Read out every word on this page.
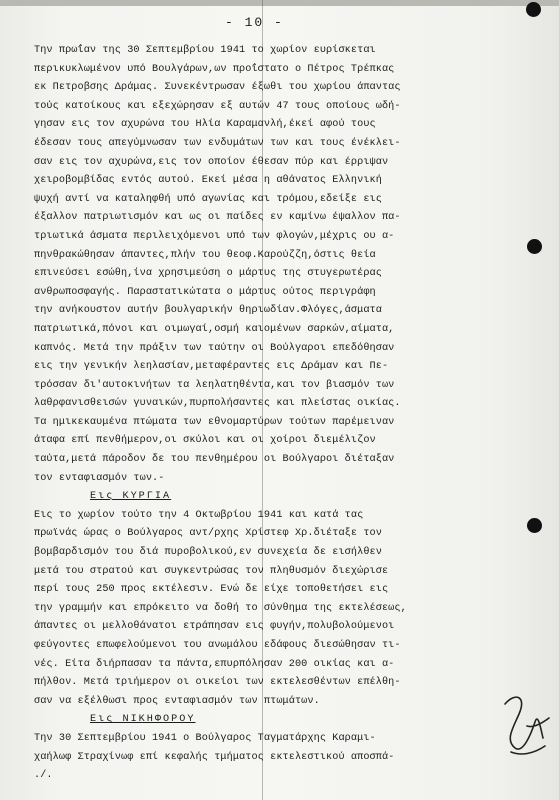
- 10 -
Την πρωΐαν της 30 Σεπτεμβρίου 1941 το χωρίον ευρίσκεται
περικυκλωμένον υπό Βουλγάρων,ων προΐστατο ο Πέτρος Τρέπκας
εκ Πετροβσης Δράμας. Συνεκέντρωσαν έξωθι του χωρίου άπαντας
τούς κατοίκους και εξεχώρησαν εξ αυτών 47 τους οποίους ωδή-
γησαν εις τον αχυρώνα του Ηλία Καραμανλή,έκεί αφού τους
έδεσαν τους απεγύμνωσαν των ενδυμάτων των και τους ένέκλει-
σαν εις τον αχυρώνα,εις τον οποίον έθεσαν πύρ και έρριψαν
χειροβομβίδας εντός αυτού. Εκεί μέσα η αθάνατος Ελληνική
ψυχή αντί να καταληφθή υπό αγωνίας και τρόμου,εδείξε εις
έξαλλον πατριωτισμόν και ως οι παίδες εν καμίνω έψαλλον πα-
τριωτικά άσματα περιλειχόμενοι υπό των φλογών,μέχρις ου α-
πηνθρακώθησαν άπαντες,πλήν του θεοφ.Καρούζζη,όστις θεία
επινεύσει εσώθη,ίνα χρησιμεύση ο μάρτυς της στυγερωτέρας
ανθρωποσφαγής. Παραστατικώτατα ο μάρτυς ούτος περιγράφη
την ανήκουστον αυτήν βουλγαρικήν θηριωδίαν.Φλόγες,άσματα
πατριωτικά,πόνοι και οιμωγαί,οσμή καιομένων σαρκών,αίματα,
καπνός. Μετά την πράξιν των ταύτην οι Βούλγαροι επεδόθησαν
εις την γενικήν λεηλασίαν,μεταφέραντες εις Δράμαν και Πε-
τρόσσαν δι'αυτοκινήτων τα λεηλατηθέντα,και τον βιασμόν των
λαθρφανισθεισών γυναικών,πυρπολήσαντες και πλείστας οικίας.
Τα ημικεκαυμένα πτώματα των εθνομαρτύρων τούτων παρέμειναν
άταφα επί πενθήμερον,οι σκύλοι και οι χοίροι διεμέλιζον
ταύτα,μετά πάροδον δε του πενθημέρου οι Βούλγαροι διέταξαν
τον ενταφιασμόν των.-
Εις ΚΥΡΓΙΑ
Εις το χωρίον τούτο την 4 Οκτωβρίου 1941 και κατά τας
πρωϊνάς ώρας ο Βούλγαρος αντ/ρχης Χρίστεφ Χρ.διέταξε τον
βομβαρδισμόν του διά πυροβολικού,εν συνεχεία δε εισήλθεν
μετά του στρατού και συγκεντρώσας τον πληθυσμόν διεχώρισε
περί τους 250 προς εκτέλεσιν. Ενώ δε είχε τοποθετήσει εις
την γραμμήν και επρόκειτο να δοθή το σύνθημα της εκτελέσεως,
άπαντες οι μελλοθάνατοι ετράπησαν εις φυγήν,πολυβολούμενοι
φεύγοντες επωφελούμενοι του ανωμάλου εδάφους διεσώθησαν τι-
νές. Είτα διήρπασαν τα πάντα,επυρπόλησαν 200 οικίας και α-
πήλθον. Μετά τριήμερον οι οικείοι των εκτελεσθέντων επέλθη-
σαν να εξέλθωσι προς ενταφιασμόν των πτωμάτων.
Εις ΝΙΚΗΦΟΡΟΥ
Την 30 Σεπτεμβρίου 1941 ο Βούλγαρος Ταγματάρχης Καραμι-
χαήλωφ Στραχίνωφ επί κεφαλής τμήματος εκτελεστικού αποσπά-
./.
